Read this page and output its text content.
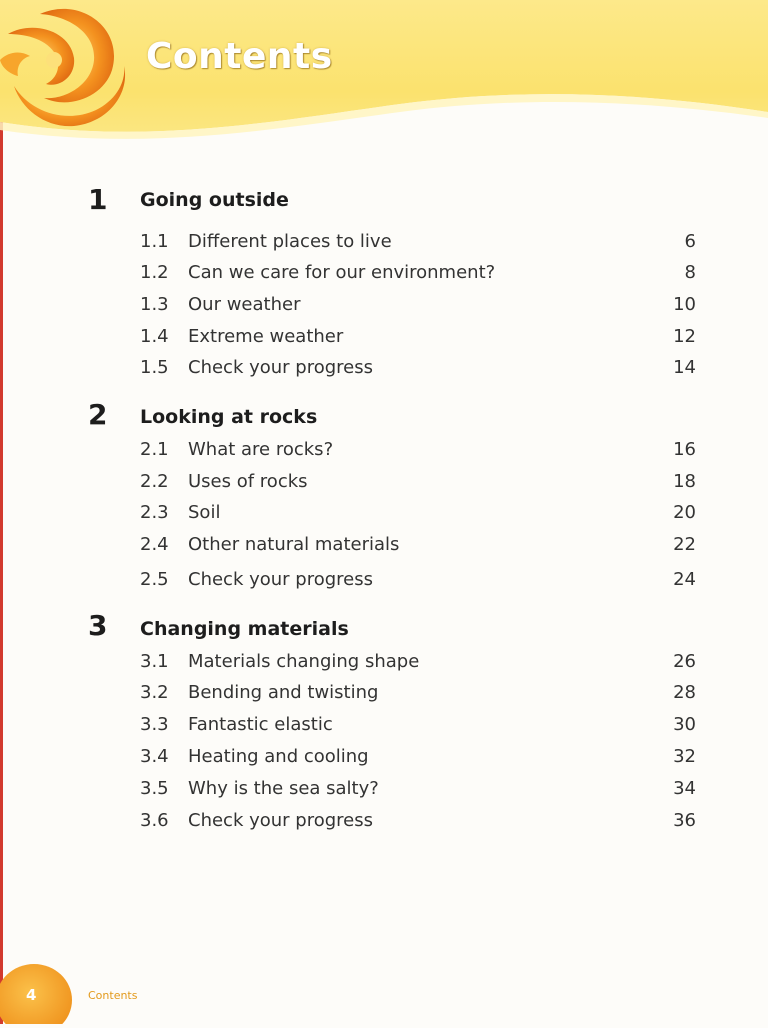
Contents
1 Going outside
1.1	Different places to live	6
1.2	Can we care for our environment?	8
1.3	Our weather	10
1.4	Extreme weather	12
1.5	Check your progress	14
2 Looking at rocks
2.1	What are rocks?	16
2.2	Uses of rocks	18
2.3	Soil	20
2.4	Other natural materials	22
2.5	Check your progress	24
3 Changing materials
3.1	Materials changing shape	26
3.2	Bending and twisting	28
3.3	Fantastic elastic	30
3.4	Heating and cooling	32
3.5	Why is the sea salty?	34
3.6	Check your progress	36
4	Contents
